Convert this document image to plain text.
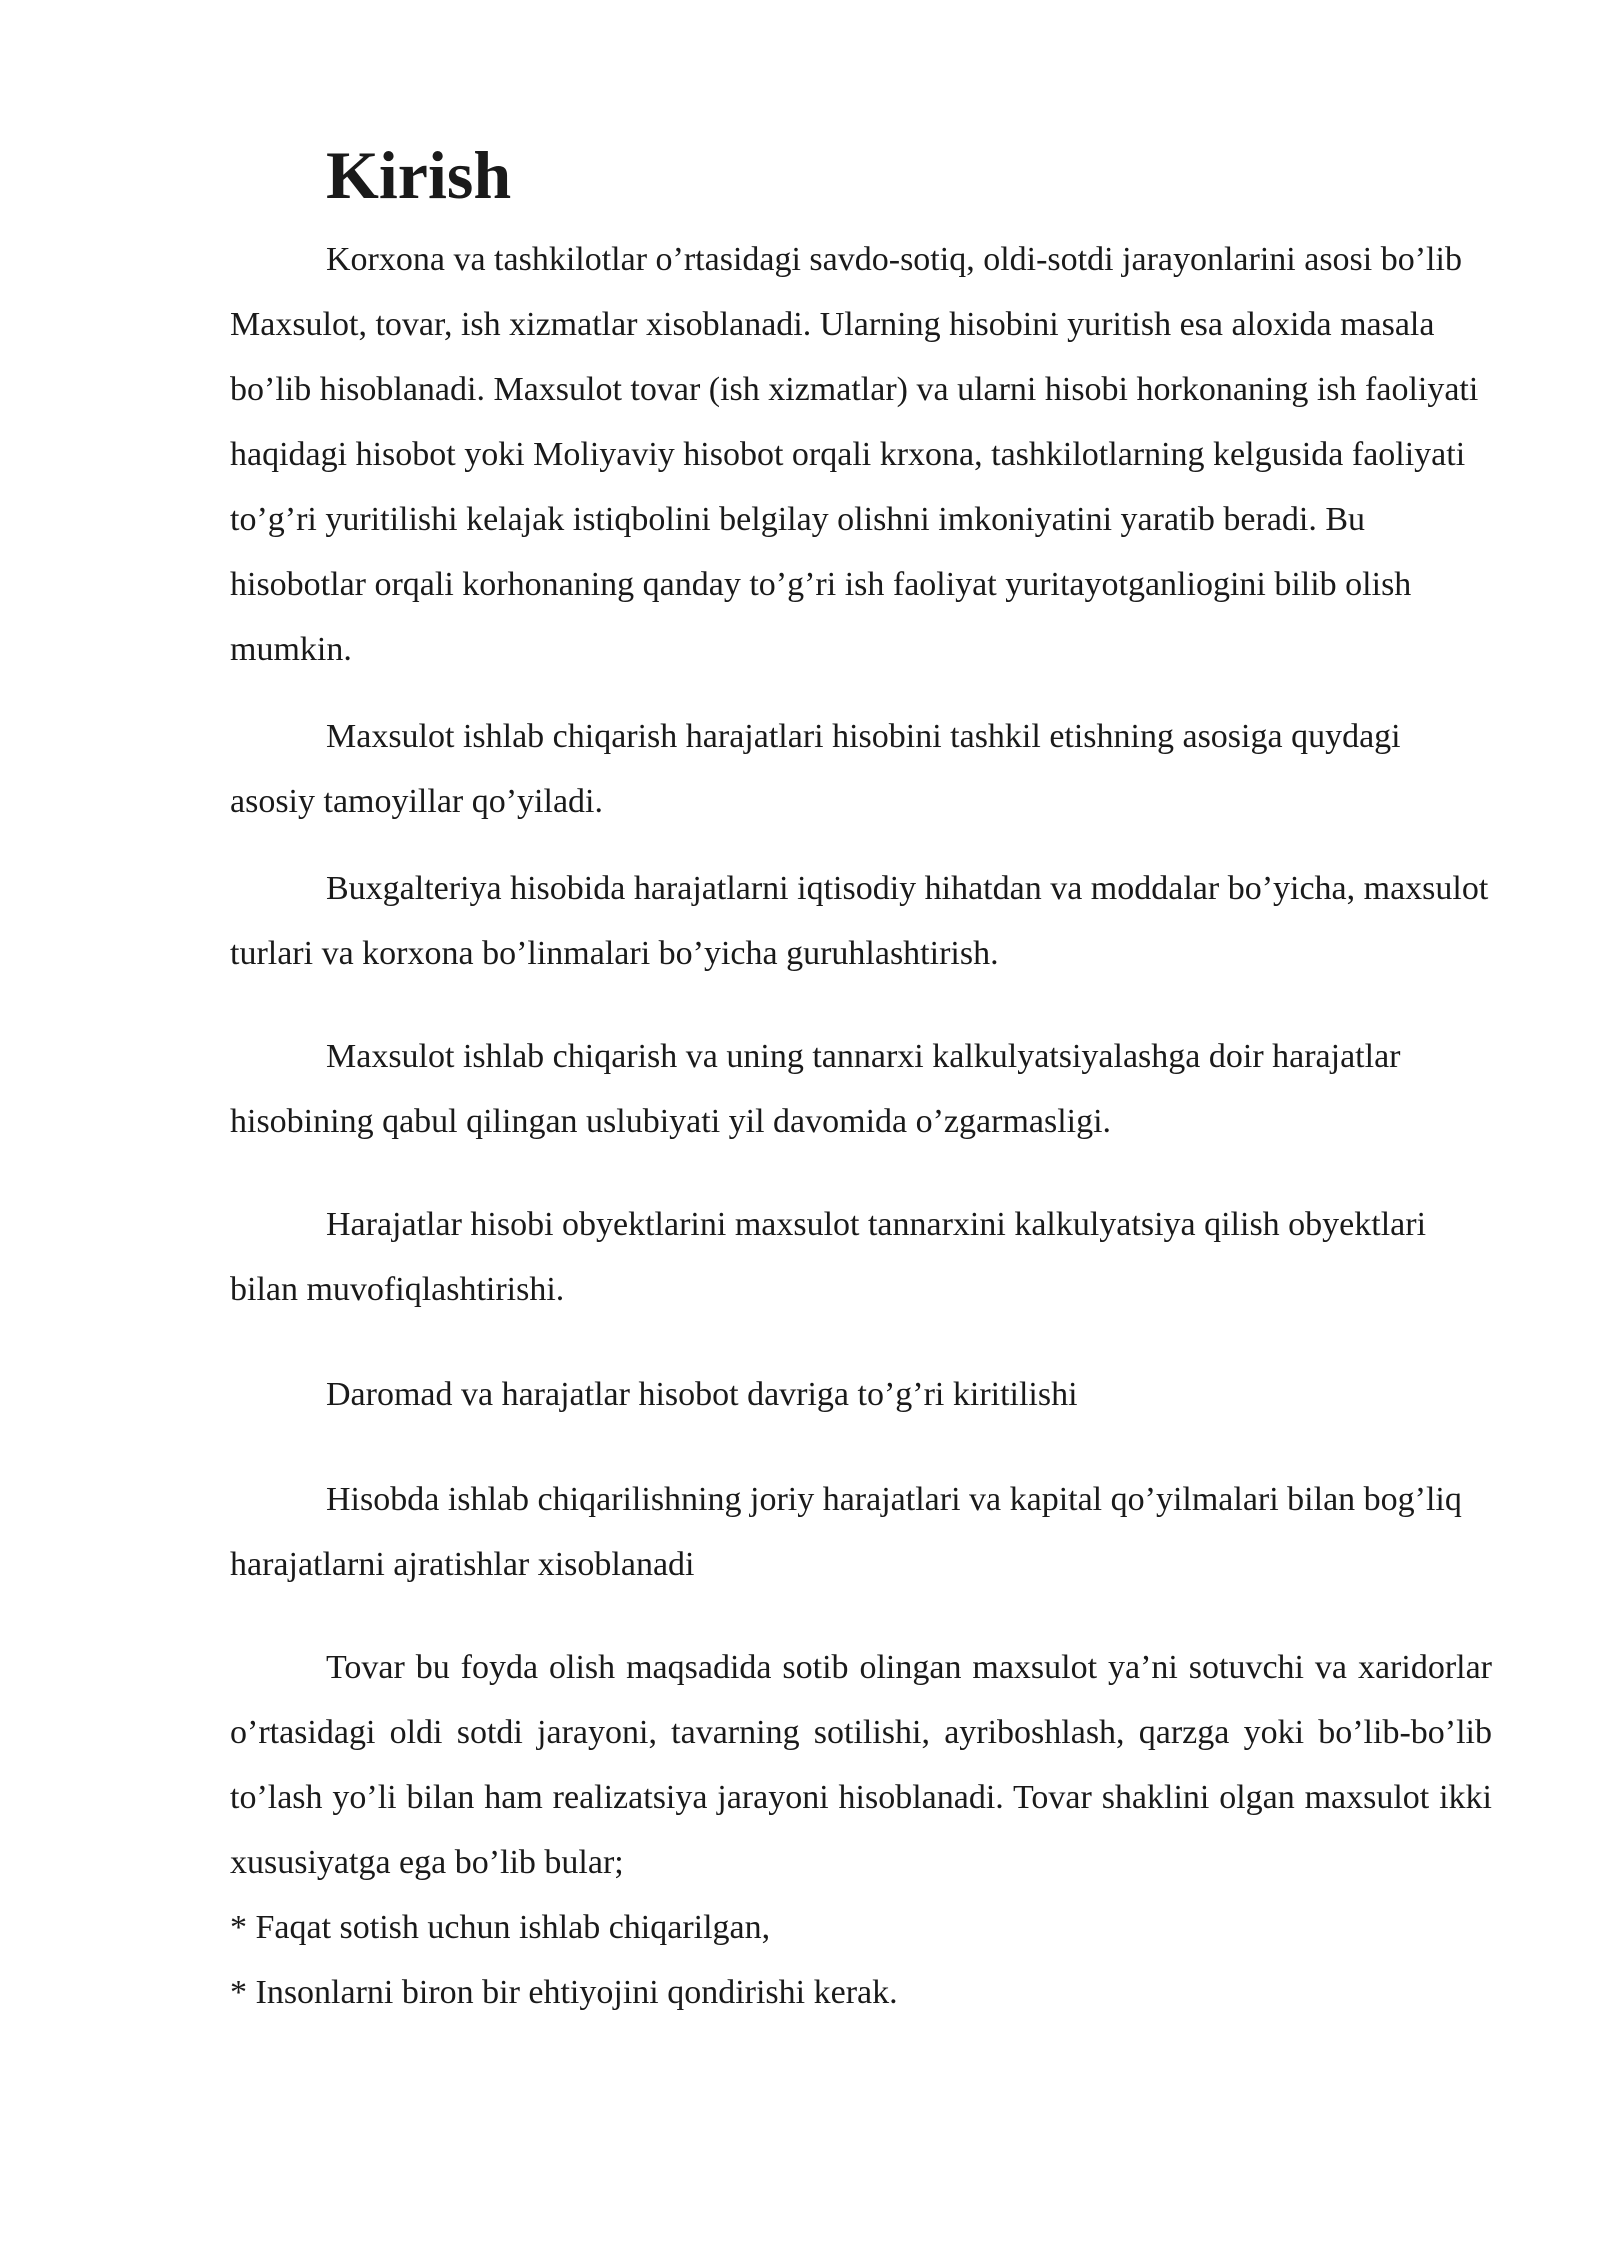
Kirish

Korxona va tashkilotlar o’rtasidagi savdo-sotiq, oldi-sotdi jarayonlarini asosi bo’lib Maxsulot, tovar, ish xizmatlar xisoblanadi. Ularning hisobini yuritish esa aloxida masala bo’lib hisoblanadi. Maxsulot tovar (ish xizmatlar) va ularni hisobi horkonaning ish faoliyati haqidagi hisobot yoki Moliyaviy hisobot orqali krxona, tashkilotlarning kelgusida faoliyati to’g’ri yuritilishi kelajak istiqbolini belgilay olishni imkoniyatini yaratib beradi. Bu hisobotlar orqali korhonaning qanday to’g’ri ish faoliyat yuritayotganliogini bilib olish mumkin.

Maxsulot ishlab chiqarish harajatlari hisobini tashkil etishning asosiga quydagi asosiy tamoyillar qo’yiladi.

Buxgalteriya hisobida harajatlarni iqtisodiy hihatdan va moddalar bo’yicha, maxsulot turlari va korxona bo’linmalari bo’yicha guruhlashtirish.

Maxsulot ishlab chiqarish va uning tannarxi kalkulyatsiyalashga doir harajatlar hisobining qabul qilingan uslubiyati yil davomida o’zgarmasligi.

Harajatlar hisobi obyektlarini maxsulot tannarxini kalkulyatsiya qilish obyektlari bilan muvofiqlashtirishi.

Daromad va harajatlar hisobot davriga to’g’ri kiritilishi

Hisobda ishlab chiqarilishning joriy harajatlari va kapital qo’yilmalari bilan bog’liq harajatlarni ajratishlar xisoblanadi

Tovar bu foyda olish maqsadida sotib olingan maxsulot ya’ni sotuvchi va xaridorlar o’rtasidagi oldi sotdi jarayoni, tavarning sotilishi, ayriboshlash, qarzga yoki bo’lib-bo’lib to’lash yo’li bilan ham realizatsiya jarayoni hisoblanadi. Tovar shaklini olgan maxsulot ikki xususiyatga ega bo’lib bular;

* Faqat sotish uchun ishlab chiqarilgan,

* Insonlarni biron bir ehtiyojini qondirishi kerak.
